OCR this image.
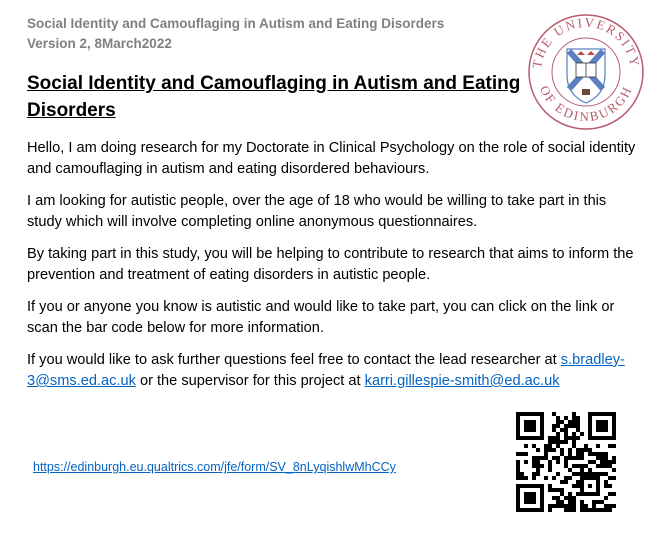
Social Identity and Camouflaging in Autism and Eating Disorders
Version 2, 8March2022
THE UNIVERSITY
OF EDINBURGH
Social Identity and Camouflaging in Autism and Eating Disorders

Hello, I am doing research for my Doctorate in Clinical Psychology on the role of social identity and camouflaging in autism and eating disordered behaviours.

I am looking for autistic people, over the age of 18 who would be willing to take part in this study which will involve completing online anonymous questionnaires.

By taking part in this study, you will be helping to contribute to research that aims to inform the prevention and treatment of eating disorders in autistic people.

If you or anyone you know is autistic and would like to take part, you can click on the link or scan the bar code below for more information.

If you would like to ask further questions feel free to contact the lead researcher at s.bradley-3@sms.ed.ac.uk or the supervisor for this project at karri.gillespie-smith@ed.ac.uk

https://edinburgh.eu.qualtrics.com/jfe/form/SV_8nLyqishlwMhCCy
